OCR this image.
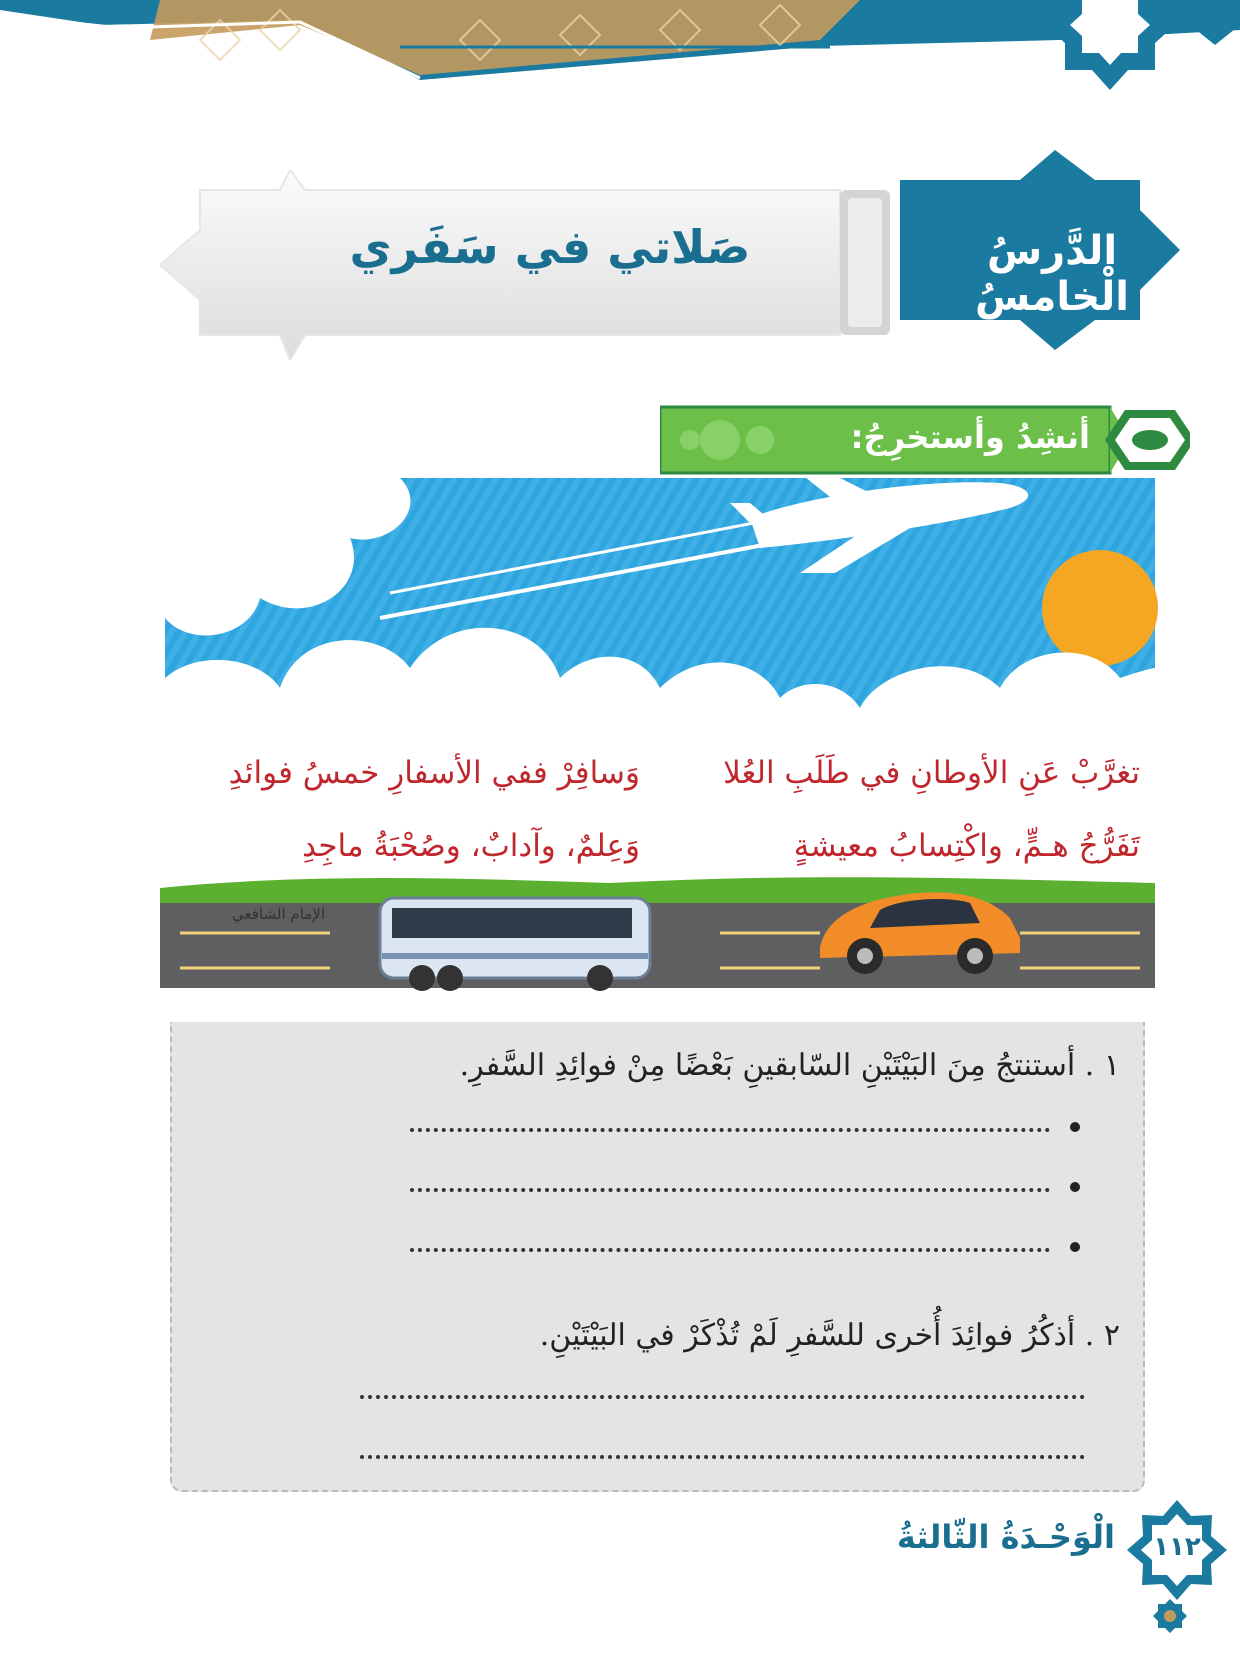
الدَّرسُ الْخامسُ
صَلاتي في سَفَري
أنشِدُ وأستخرِجُ:
تغرَّبْ عَنِ الأوطانِ في طَلَبِ العُلا
وَسافِرْ ففي الأسفارِ خمسُ فوائدِ
تَفَرُّجُ هـمٍّ، واكْتِسابُ معيشةٍ
وَعِلمٌ، وآدابٌ، وصُحْبَةُ ماجِدِ
الإمام الشافعي
١ . أستنتجُ مِنَ البَيْتَيْنِ السّابقينِ بَعْضًا مِنْ فوائِدِ السَّفرِ.
٢ . أذكُرُ فوائِدَ أُخرى للسَّفرِ لَمْ تُذْكَرْ في البَيْتَيْنِ.
الْوَحْـدَةُ الثّالثةُ	١١٢
